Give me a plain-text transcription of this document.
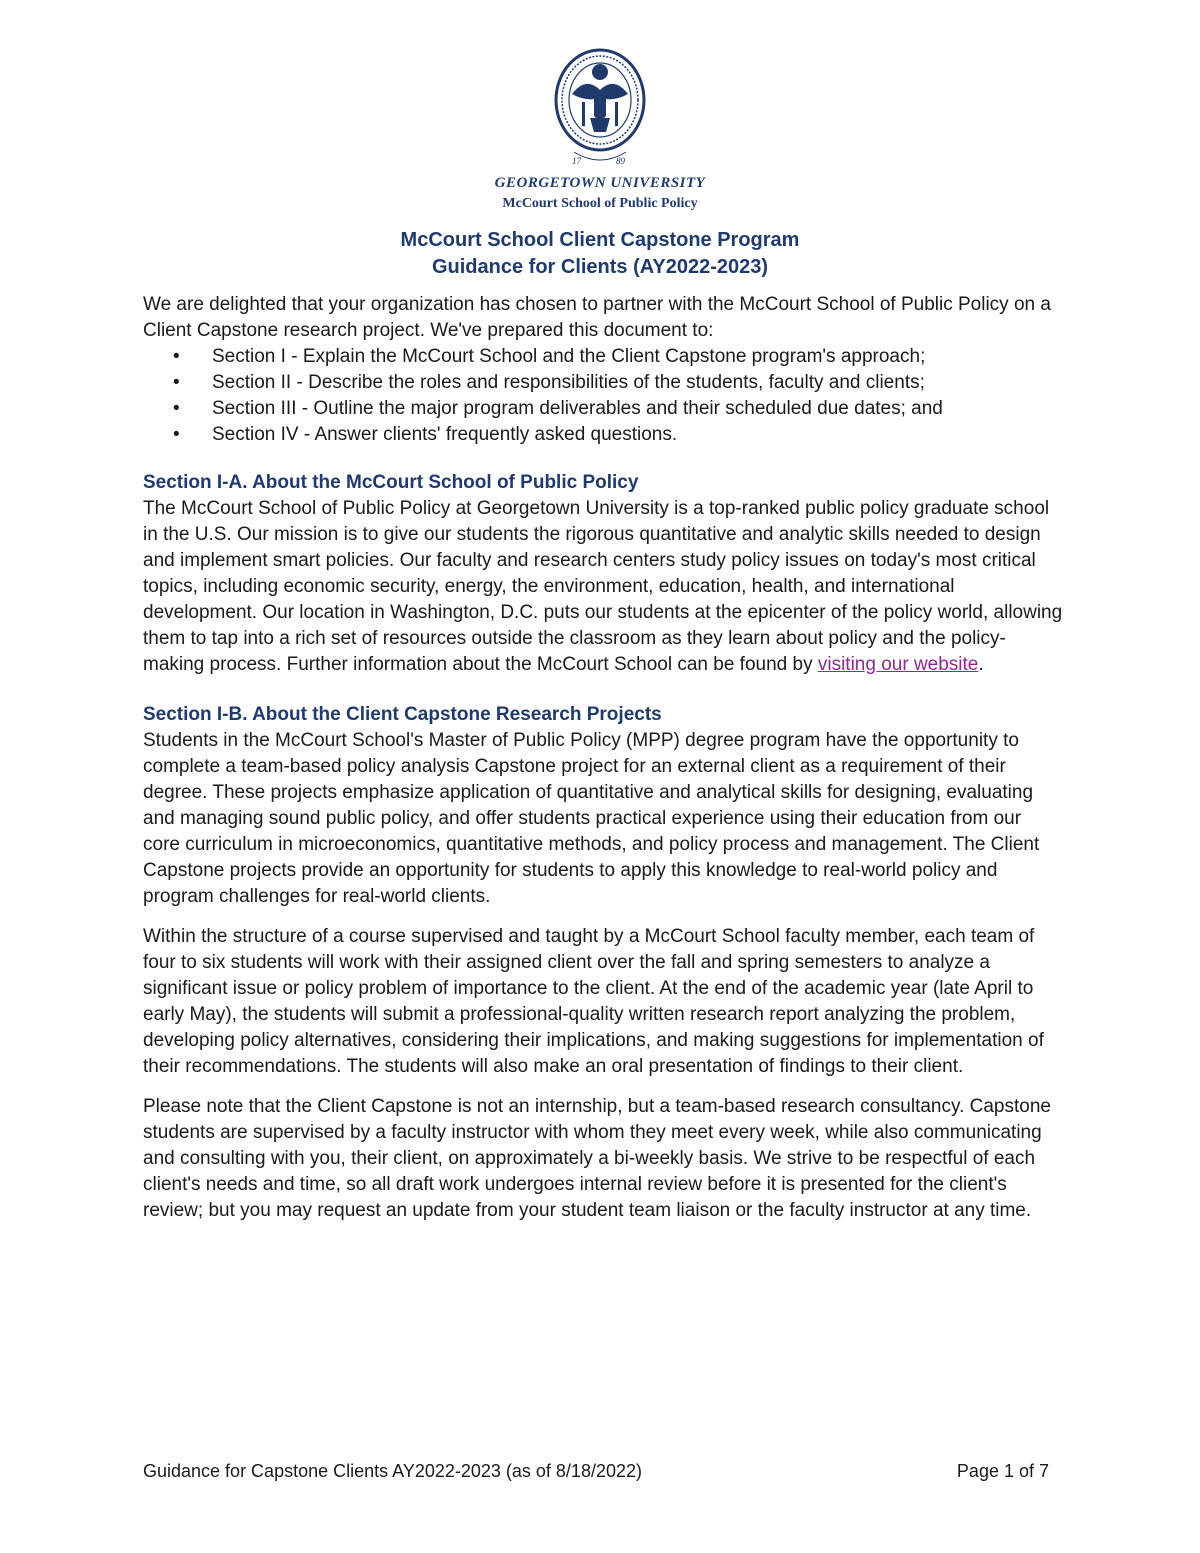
17	89
GEORGETOWN UNIVERSITY
McCourt School of Public Policy
McCourt School Client Capstone Program
Guidance for Clients (AY2022-2023)

We are delighted that your organization has chosen to partner with the McCourt School of Public Policy on a Client Capstone research project. We've prepared this document to:

• Section I - Explain the McCourt School and the Client Capstone program's approach;
• Section II - Describe the roles and responsibilities of the students, faculty and clients;
• Section III - Outline the major program deliverables and their scheduled due dates; and
• Section IV - Answer clients' frequently asked questions.
Section I-A. About the McCourt School of Public Policy

The McCourt School of Public Policy at Georgetown University is a top-ranked public policy graduate school in the U.S. Our mission is to give our students the rigorous quantitative and analytic skills needed to design and implement smart policies. Our faculty and research centers study policy issues on today's most critical topics, including economic security, energy, the environment, education, health, and international development. Our location in Washington, D.C. puts our students at the epicenter of the policy world, allowing them to tap into a rich set of resources outside the classroom as they learn about policy and the policy-making process. Further information about the McCourt School can be found by visiting our website.

Section I-B. About the Client Capstone Research Projects

Students in the McCourt School's Master of Public Policy (MPP) degree program have the opportunity to complete a team-based policy analysis Capstone project for an external client as a requirement of their degree. These projects emphasize application of quantitative and analytical skills for designing, evaluating and managing sound public policy, and offer students practical experience using their education from our core curriculum in microeconomics, quantitative methods, and policy process and management. The Client Capstone projects provide an opportunity for students to apply this knowledge to real-world policy and program challenges for real-world clients.

Within the structure of a course supervised and taught by a McCourt School faculty member, each team of four to six students will work with their assigned client over the fall and spring semesters to analyze a significant issue or policy problem of importance to the client. At the end of the academic year (late April to early May), the students will submit a professional-quality written research report analyzing the problem, developing policy alternatives, considering their implications, and making suggestions for implementation of their recommendations. The students will also make an oral presentation of findings to their client.

Please note that the Client Capstone is not an internship, but a team-based research consultancy. Capstone students are supervised by a faculty instructor with whom they meet every week, while also communicating and consulting with you, their client, on approximately a bi-weekly basis. We strive to be respectful of each client's needs and time, so all draft work undergoes internal review before it is presented for the client's review; but you may request an update from your student team liaison or the faculty instructor at any time.

Guidance for Capstone Clients AY2022-2023 (as of 8/18/2022)	Page 1 of 7
